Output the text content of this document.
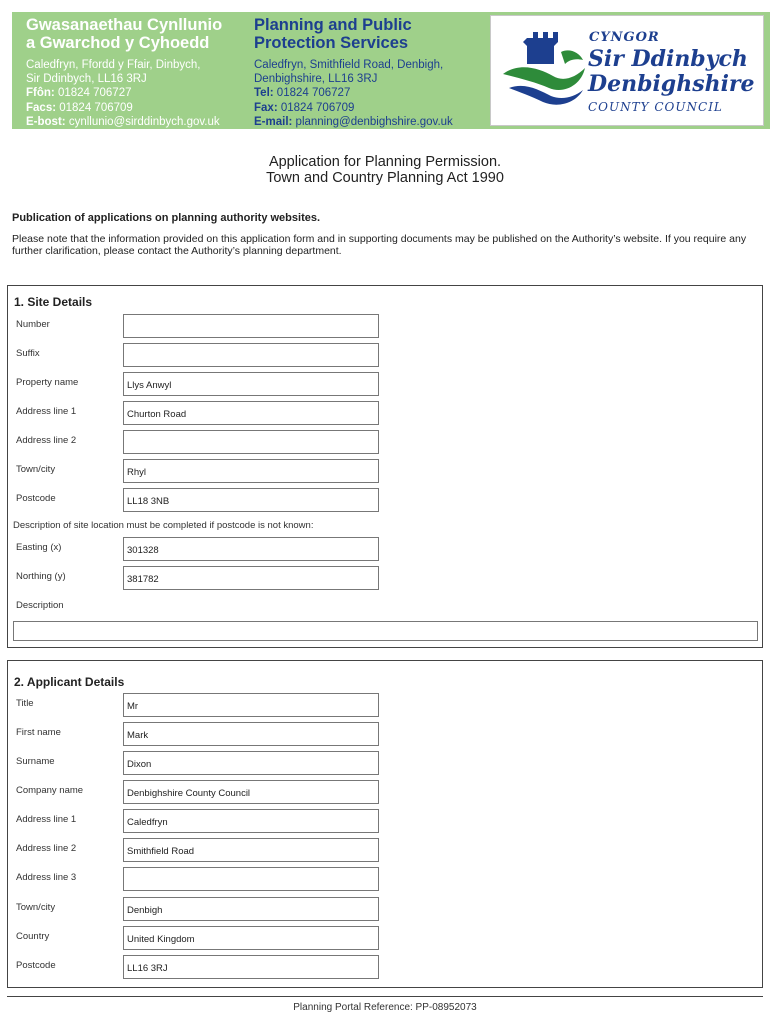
Gwasanaethau Cynllunio
a Gwarchod y Cyhoedd
Caledfryn, Ffordd y Ffair, Dinbych,
Sir Ddinbych, LL16 3RJ
Ffôn: 01824 706727
Facs: 01824 706709
E-bost: cynllunio@sirddinbych.gov.uk
Planning and Public
Protection Services
Caledfryn, Smithfield Road, Denbigh,
Denbighshire, LL16 3RJ
Tel: 01824 706727
Fax: 01824 706709
E-mail: planning@denbighshire.gov.uk
CYNGOR
Sir Ddinbych
Denbighshire
COUNTY COUNCIL
Application for Planning Permission.
Town and Country Planning Act 1990
Publication of applications on planning authority websites.
Please note that the information provided on this application form and in supporting documents may be published on the Authority’s website. If you require any further clarification, please contact the Authority’s planning department.
1. Site Details
Number
Suffix
Property name	Llys Anwyl
Address line 1	Churton Road
Address line 2
Town/city	Rhyl
Postcode	LL18 3NB
Description of site location must be completed if postcode is not known:
Easting (x)	301328
Northing (y)	381782
Description
2. Applicant Details
Title	Mr
First name	Mark
Surname	Dixon
Company name	Denbighshire County Council
Address line 1	Caledfryn
Address line 2	Smithfield Road
Address line 3
Town/city	Denbigh
Country	United Kingdom
Postcode	LL16 3RJ
Planning Portal Reference: PP-08952073
